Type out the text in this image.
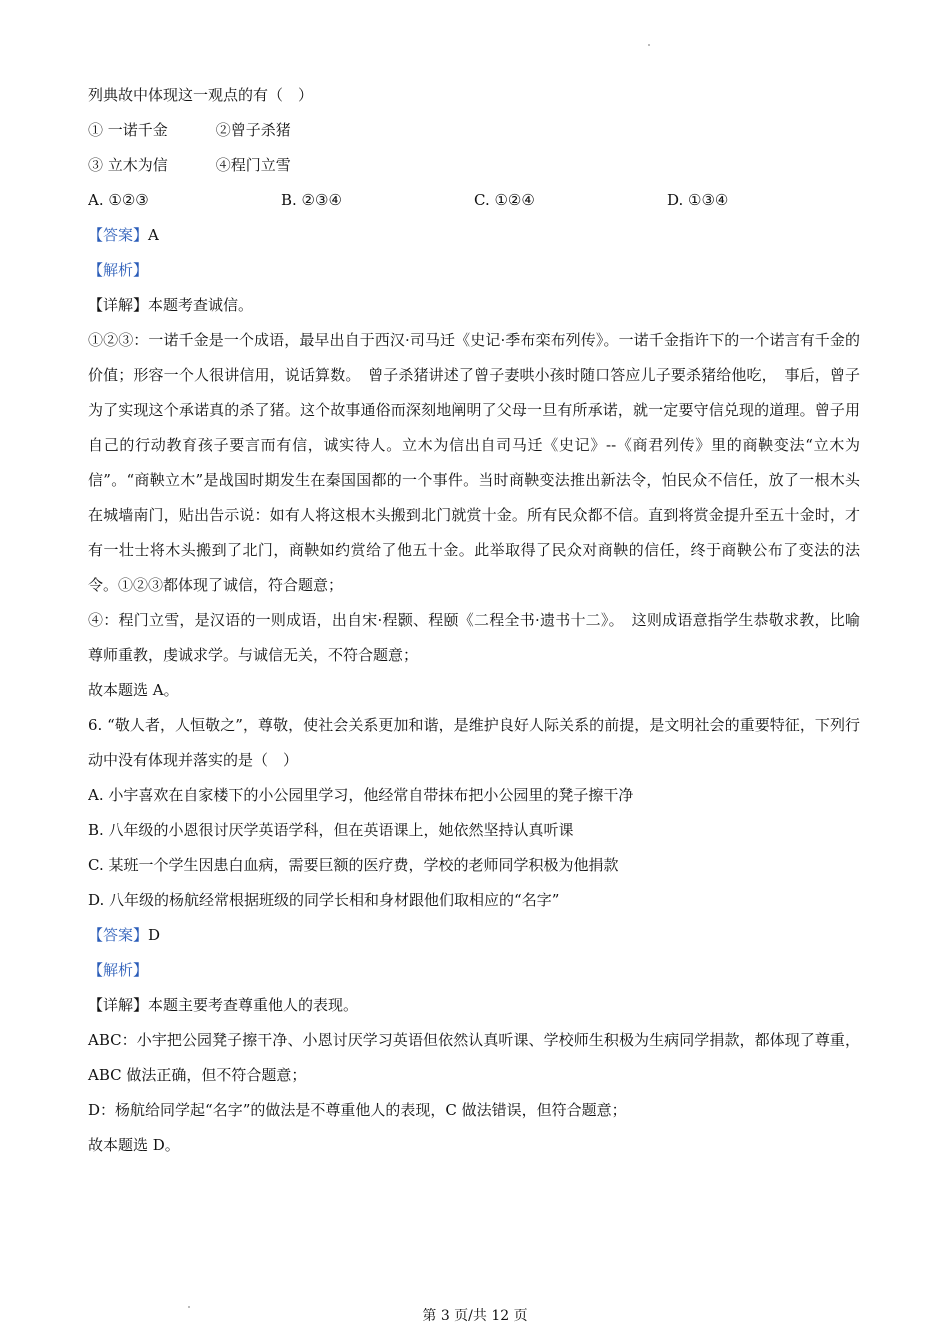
列典故中体现这一观点的有（　）
① 一诺千金	②曾子杀猪
③ 立木为信	④程门立雪
A. ①②③	B. ②③④	C. ①②④	D. ①③④
【答案】A
【解析】
【详解】本题考查诚信。
①②③：一诺千金是一个成语，最早出自于西汉·司马迁《史记·季布栾布列传》。一诺千金指许下的一个诺言有千金的价值；形容一个人很讲信用，说话算数。　曾子杀猪讲述了曾子妻哄小孩时随口答应儿子要杀猪给他吃，　事后，曾子为了实现这个承诺真的杀了猪。这个故事通俗而深刻地阐明了父母一旦有所承诺，就一定要守信兑现的道理。曾子用自己的行动教育孩子要言而有信，诚实待人。立木为信出自司马迁《史记》--《商君列传》里的商鞅变法“立木为信”。“商鞅立木”是战国时期发生在秦国国都的一个事件。当时商鞅变法推出新法令，怕民众不信任，放了一根木头在城墙南门，贴出告示说：如有人将这根木头搬到北门就赏十金。所有民众都不信。直到将赏金提升至五十金时，才有一壮士将木头搬到了北门，商鞅如约赏给了他五十金。此举取得了民众对商鞅的信任，终于商鞅公布了变法的法令。①②③都体现了诚信，符合题意；
④：程门立雪，是汉语的一则成语，出自宋·程颢、程颐《二程全书·遗书十二》。　这则成语意指学生恭敬求教，比喻尊师重教，虔诚求学。与诚信无关，不符合题意；
故本题选 A。
6. “敬人者，人恒敬之”，尊敬，使社会关系更加和谐，是维护良好人际关系的前提，是文明社会的重要特征，下列行动中没有体现并落实的是（　）
A. 小宇喜欢在自家楼下的小公园里学习，他经常自带抹布把小公园里的凳子擦干净
B. 八年级的小恩很讨厌学英语学科，但在英语课上，她依然坚持认真听课
C. 某班一个学生因患白血病，需要巨额的医疗费，学校的老师同学积极为他捐款
D. 八年级的杨航经常根据班级的同学长相和身材跟他们取相应的“名字”
【答案】D
【解析】
【详解】本题主要考查尊重他人的表现。
ABC：小宇把公园凳子擦干净、小恩讨厌学习英语但依然认真听课、学校师生积极为生病同学捐款，都体现了尊重，ABC 做法正确，但不符合题意；
D：杨航给同学起“名字”的做法是不尊重他人的表现，C 做法错误，但符合题意；
故本题选 D。
第 3 页/共 12 页
